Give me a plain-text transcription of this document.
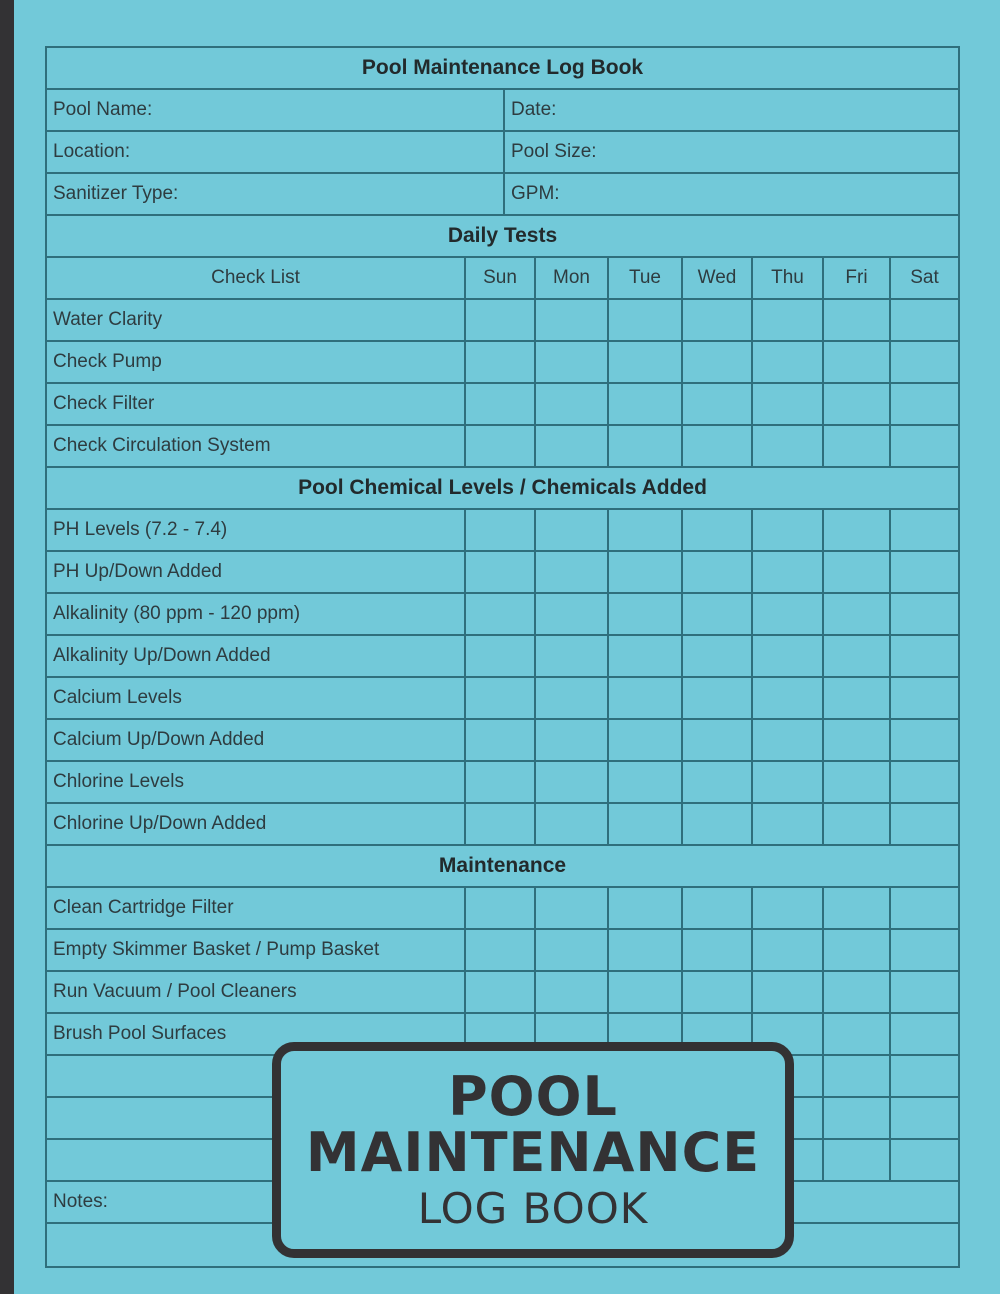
Pool Maintenance Log Book
Pool Name:	Date:
Location:	Pool Size:
Sanitizer Type:	GPM:
Daily Tests
Check List	Sun	Mon	Tue	Wed	Thu	Fri	Sat
Water Clarity
Check Pump
Check Filter
Check Circulation System
Pool Chemical Levels / Chemicals Added
PH Levels (7.2 - 7.4)
PH Up/Down Added
Alkalinity (80 ppm - 120 ppm)
Alkalinity Up/Down Added
Calcium Levels
Calcium Up/Down Added
Chlorine Levels
Chlorine Up/Down Added
Maintenance
Clean Cartridge Filter
Empty Skimmer Basket / Pump Basket
Run Vacuum / Pool Cleaners
Brush Pool Surfaces
Notes:
POOL
MAINTENANCE
LOG BOOK
